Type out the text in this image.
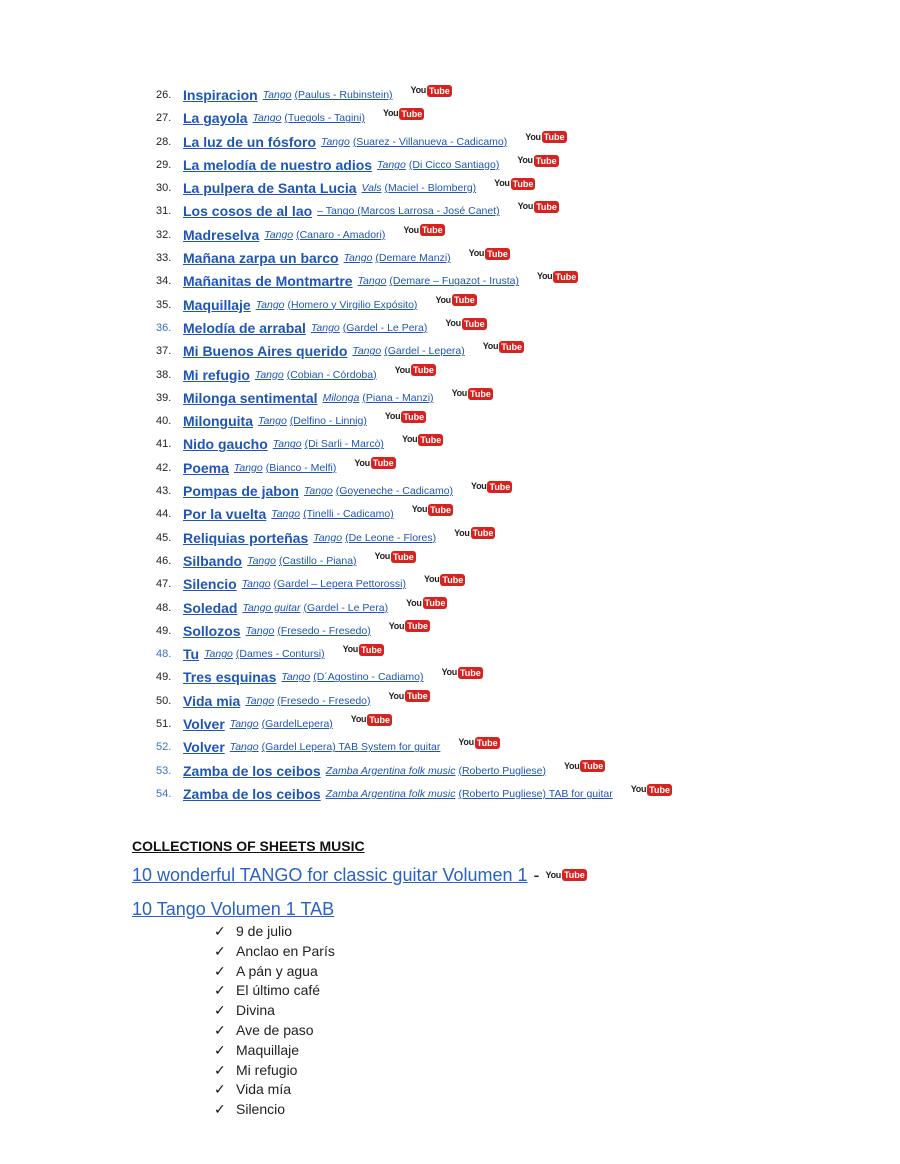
26. Inspiracion Tango (Paulus - Rubinstein) You Tube
27. La gayola Tango (Tuegols - Tagini) You Tube
28. La luz de un fósforo Tango (Suarez - Villanueva - Cadicamo) You Tube
29. La melodía de nuestro adios Tango (Di Cicco Santiago) You Tube
30. La pulpera de Santa Lucia Vals (Maciel - Blomberg) You Tube
31. Los cosos de al lao – Tango (Marcos Larrosa - José Canet) You Tube
32. Madreselva Tango (Canaro - Amadori) You Tube
33. Mañana zarpa un barco Tango (Demare Manzi) You Tube
34. Mañanitas de Montmartre Tango (Demare – Fugazot - Irusta) You Tube
35. Maquillaje Tango (Homero y Virgilio Expósito) You Tube
36. Melodía de arrabal Tango (Gardel - Le Pera) You Tube
37. Mi Buenos Aires querido Tango (Gardel - Lepera) You Tube
38. Mi refugio Tango (Cobian - Córdoba) You Tube
39. Milonga sentimental Milonga (Piana - Manzi) You Tube
40. Milonguita Tango (Delfino - Linnig) You Tube
41. Nido gaucho Tango (Di Sarli - Marcò) You Tube
42. Poema Tango (Bianco - Melfi) You Tube
43. Pompas de jabon Tango (Goyeneche - Cadicamo) You Tube
44. Por la vuelta Tango (Tinelli - Cadicamo) You Tube
45. Reliquias porteñas Tango (De Leone - Flores) You Tube
46. Silbando Tango (Castillo - Piana) You Tube
47. Silencio Tango (Gardel – Lepera Pettorossi) You Tube
48. Soledad Tango guitar (Gardel - Le Pera) You Tube
49. Sollozos Tango (Fresedo - Fresedo) You Tube
48. Tu Tango (Dames - Contursi) You Tube
49. Tres esquinas Tango (D´Agostino - Cadiamo) You Tube
50. Vida mia Tango (Fresedo - Fresedo) You Tube
51. Volver Tango (GardelLepera) You Tube
52. Volver Tango (Gardel Lepera) TAB System for guitar You Tube
53. Zamba de los ceibos Zamba Argentina folk music (Roberto Pugliese) You Tube
54. Zamba de los ceibos Zamba Argentina folk music (Roberto Pugliese) TAB for guitar You Tube
COLLECTIONS OF SHEETS MUSIC
10 wonderful TANGO for classic guitar Volumen 1 - You Tube
10 Tango Volumen 1 TAB
✓ 9 de julio
✓ Anclao en París
✓ A pán y agua
✓ El último café
✓ Divina
✓ Ave de paso
✓ Maquillaje
✓ Mi refugio
✓ Vida mía
✓ Silencio
